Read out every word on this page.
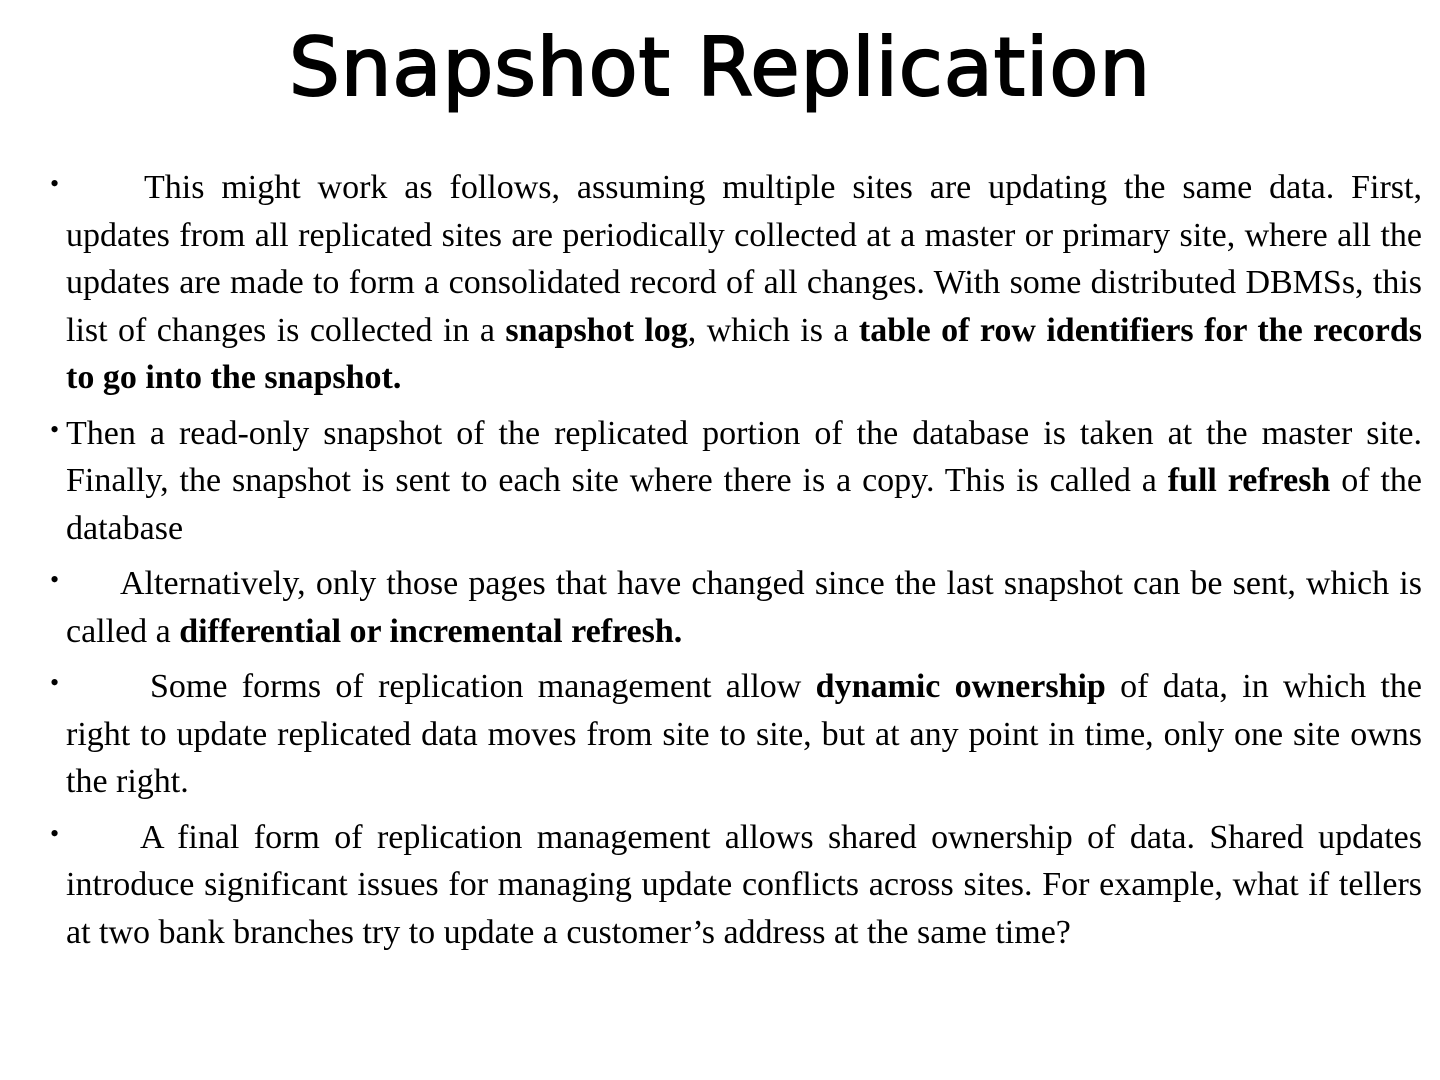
Snapshot Replication
• This might work as follows, assuming multiple sites are updating the same data. First, updates from all replicated sites are periodically collected at a master or primary site, where all the updates are made to form a consolidated record of all changes. With some distributed DBMSs, this list of changes is collected in a snapshot log, which is a table of row identifiers for the records to go into the snapshot.
• Then a read-only snapshot of the replicated portion of the database is taken at the master site. Finally, the snapshot is sent to each site where there is a copy. This is called a full refresh of the database
• Alternatively, only those pages that have changed since the last snapshot can be sent, which is called a differential or incremental refresh.
•	Some forms of replication management allow dynamic ownership of data, in which the right to update replicated data moves from site to site, but at any point in time, only one site owns the right.
• A final form of replication management allows shared ownership of data. Shared updates introduce significant issues for managing update conflicts across sites. For example, what if tellers at two bank branches try to update a customer’s address at the same time?
